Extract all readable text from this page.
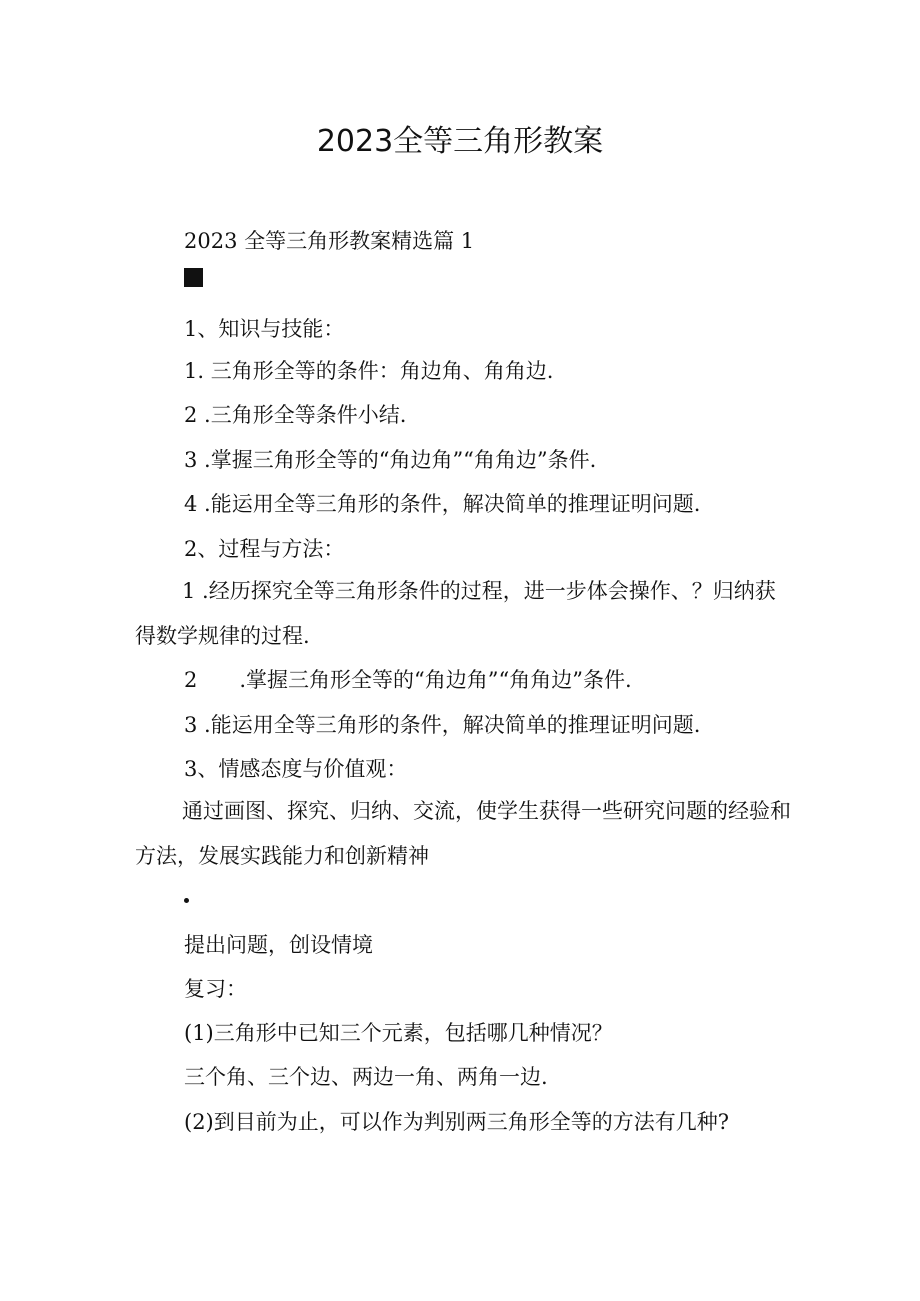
2023全等三角形教案
2023 全等三角形教案精选篇 1
1、知识与技能：
1. 三角形全等的条件：角边角、角角边.
2 .三角形全等条件小结.
3 .掌握三角形全等的“角边角”“角角边”条件.
4 .能运用全等三角形的条件，解决简单的推理证明问题.
2、过程与方法：
1 .经历探究全等三角形条件的过程，进一步体会操作、？归纳获得数学规律的过程.
2　　.掌握三角形全等的“角边角”“角角边”条件.
3 .能运用全等三角形的条件，解决简单的推理证明问题.
3、情感态度与价值观：
通过画图、探究、归纳、交流，使学生获得一些研究问题的经验和方法，发展实践能力和创新精神
提出问题，创设情境
复习：
(1)三角形中已知三个元素，包括哪几种情况？
三个角、三个边、两边一角、两角一边.
(2)到目前为止，可以作为判别两三角形全等的方法有几种?
